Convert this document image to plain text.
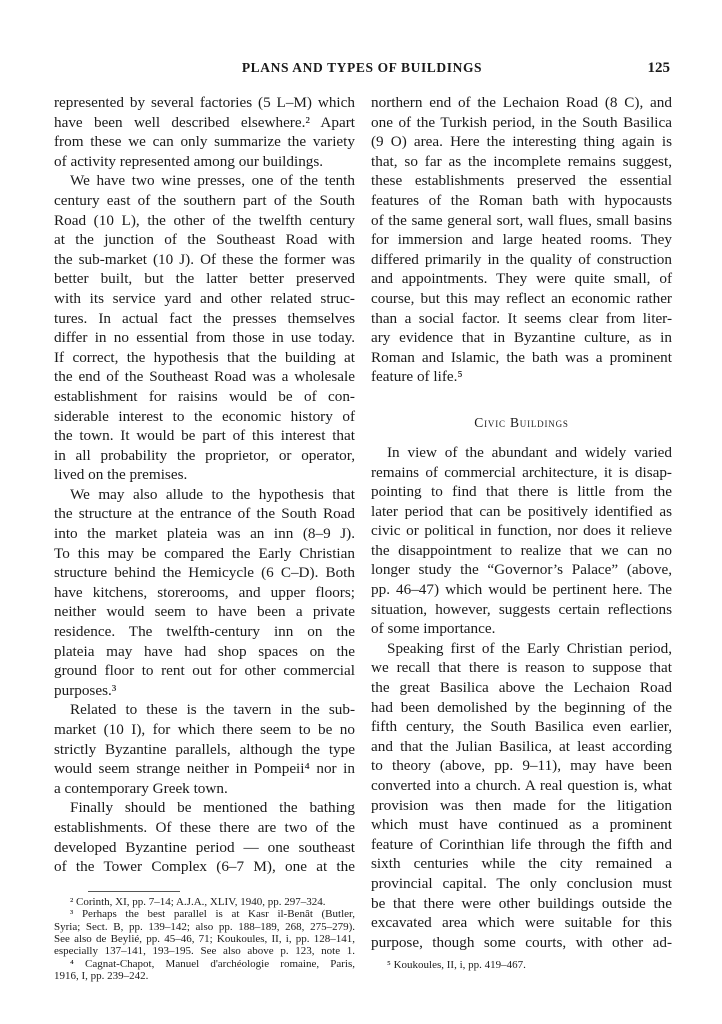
PLANS AND TYPES OF BUILDINGS	125
represented by several factories (5 L–M) which
have been well described elsewhere.² Apart
from these we can only summarize the variety
of activity represented among our buildings.
We have two wine presses, one of the tenth
century east of the southern part of the South
Road (10 L), the other of the twelfth century
at the junction of the Southeast Road with
the sub-market (10 J). Of these the former was
better built, but the latter better preserved
with its service yard and other related struc-
tures. In actual fact the presses themselves
differ in no essential from those in use today.
If correct, the hypothesis that the building at
the end of the Southeast Road was a wholesale
establishment for raisins would be of con-
siderable interest to the economic history of
the town. It would be part of this interest that
in all probability the proprietor, or operator,
lived on the premises.
We may also allude to the hypothesis that
the structure at the entrance of the South Road
into the market plateia was an inn (8–9 J).
To this may be compared the Early Christian
structure behind the Hemicycle (6 C–D). Both
have kitchens, storerooms, and upper floors;
neither would seem to have been a private
residence. The twelfth-century inn on the
plateia may have had shop spaces on the
ground floor to rent out for other commercial
purposes.³
Related to these is the tavern in the sub-
market (10 I), for which there seem to be no
strictly Byzantine parallels, although the type
would seem strange neither in Pompeii⁴ nor in
a contemporary Greek town.
Finally should be mentioned the bathing
establishments. Of these there are two of the
developed Byzantine period — one southeast
of the Tower Complex (6–7 M), one at the
² Corinth, XI, pp. 7–14; A.J.A., XLIV, 1940, pp. 297–324.
³ Perhaps the best parallel is at Kasr il-Benât (Butler,
Syria; Sect. B, pp. 139–142; also pp. 188–189, 268, 275–279).
See also de Beylié, pp. 45–46, 71; Koukoules, II, i, pp. 128–141,
especially 137–141, 193–195. See also above p. 123, note 1.
⁴ Cagnat-Chapot, Manuel d'archéologie romaine, Paris,
1916, I, pp. 239–242.
northern end of the Lechaion Road (8 C), and
one of the Turkish period, in the South Basilica
(9 O) area. Here the interesting thing again is
that, so far as the incomplete remains suggest,
these establishments preserved the essential
features of the Roman bath with hypocausts
of the same general sort, wall flues, small basins
for immersion and large heated rooms. They
differed primarily in the quality of construction
and appointments. They were quite small, of
course, but this may reflect an economic rather
than a social factor. It seems clear from liter-
ary evidence that in Byzantine culture, as in
Roman and Islamic, the bath was a prominent
feature of life.⁵
Civic Buildings
In view of the abundant and widely varied
remains of commercial architecture, it is disap-
pointing to find that there is little from the
later period that can be positively identified as
civic or political in function, nor does it relieve
the disappointment to realize that we can no
longer study the “Governor’s Palace” (above,
pp. 46–47) which would be pertinent here. The
situation, however, suggests certain reflections
of some importance.
Speaking first of the Early Christian period,
we recall that there is reason to suppose that
the great Basilica above the Lechaion Road
had been demolished by the beginning of the
fifth century, the South Basilica even earlier,
and that the Julian Basilica, at least according
to theory (above, pp. 9–11), may have been
converted into a church. A real question is, what
provision was then made for the litigation
which must have continued as a prominent
feature of Corinthian life through the fifth and
sixth centuries while the city remained a
provincial capital. The only conclusion must
be that there were other buildings outside the
excavated area which were suitable for this
purpose, though some courts, with other ad-
⁵ Koukoules, II, i, pp. 419–467.
